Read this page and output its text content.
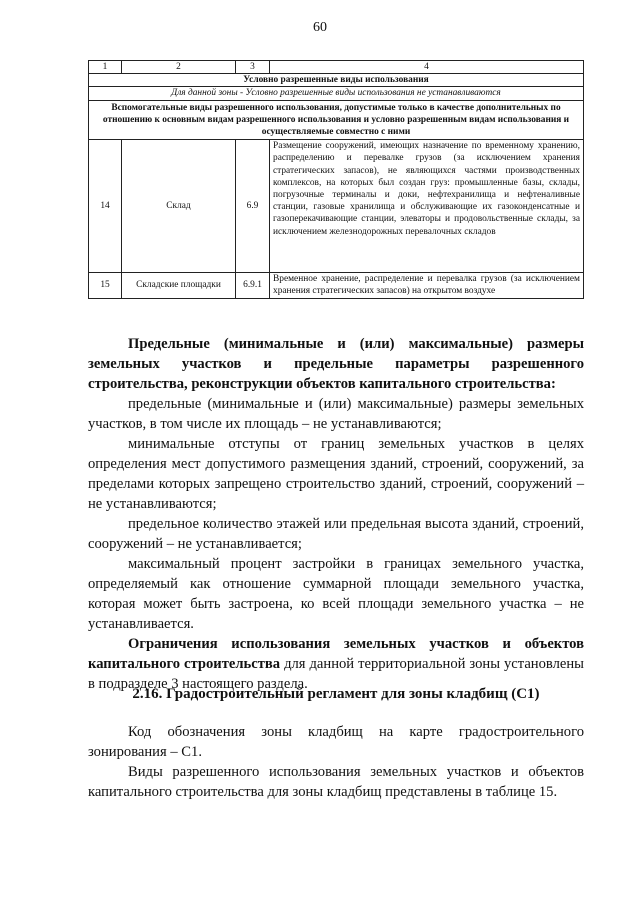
60
1	2	3	4
Условно разрешенные виды использования			
Для данной зоны - Условно разрешенные виды использования не устанавливаются			
Вспомогательные виды разрешенного использования, допустимые только в качестве дополнительных по отношению к основным видам разрешенного использования и условно разрешенным видам использования и осуществляемые совместно с ними			
14	Склад	6.9	Размещение сооружений, имеющих назначение по временному хранению, распределению и перевалке грузов (за исключением хранения стратегических запасов), не являющихся частями производственных комплексов, на которых был создан груз: промышленные базы, склады, погрузочные терминалы и доки, нефтехранилища и нефтеналивные станции, газовые хранилища и обслуживающие их газоконденсатные и газоперекачивающие станции, элеваторы и продовольственные склады, за исключением железнодорожных перевалочных складов
15	Складские площадки	6.9.1	Временное хранение, распределение и перевалка грузов (за исключением хранения стратегических запасов) на открытом воздухе

Предельные (минимальные и (или) максимальные) размеры земельных участков и предельные параметры разрешенного строительства, реконструкции объектов капитального строительства:

предельные (минимальные и (или) максимальные) размеры земельных участков, в том числе их площадь – не устанавливаются;

минимальные отступы от границ земельных участков в целях определения мест допустимого размещения зданий, строений, сооружений, за пределами которых запрещено строительство зданий, строений, сооружений – не устанавливаются;

предельное количество этажей или предельная высота зданий, строений, сооружений – не устанавливается;

максимальный процент застройки в границах земельного участка, определяемый как отношение суммарной площади земельного участка, которая может быть застроена, ко всей площади земельного участка – не устанавливается.

Ограничения использования земельных участков и объектов капитального строительства для данной территориальной зоны установлены в подразделе 3 настоящего раздела.

2.16. Градостроительный регламент для зоны кладбищ (С1)

Код обозначения зоны кладбищ на карте градостроительного зонирования – С1.

Виды разрешенного использования земельных участков и объектов капитального строительства для зоны кладбищ представлены в таблице 15.
